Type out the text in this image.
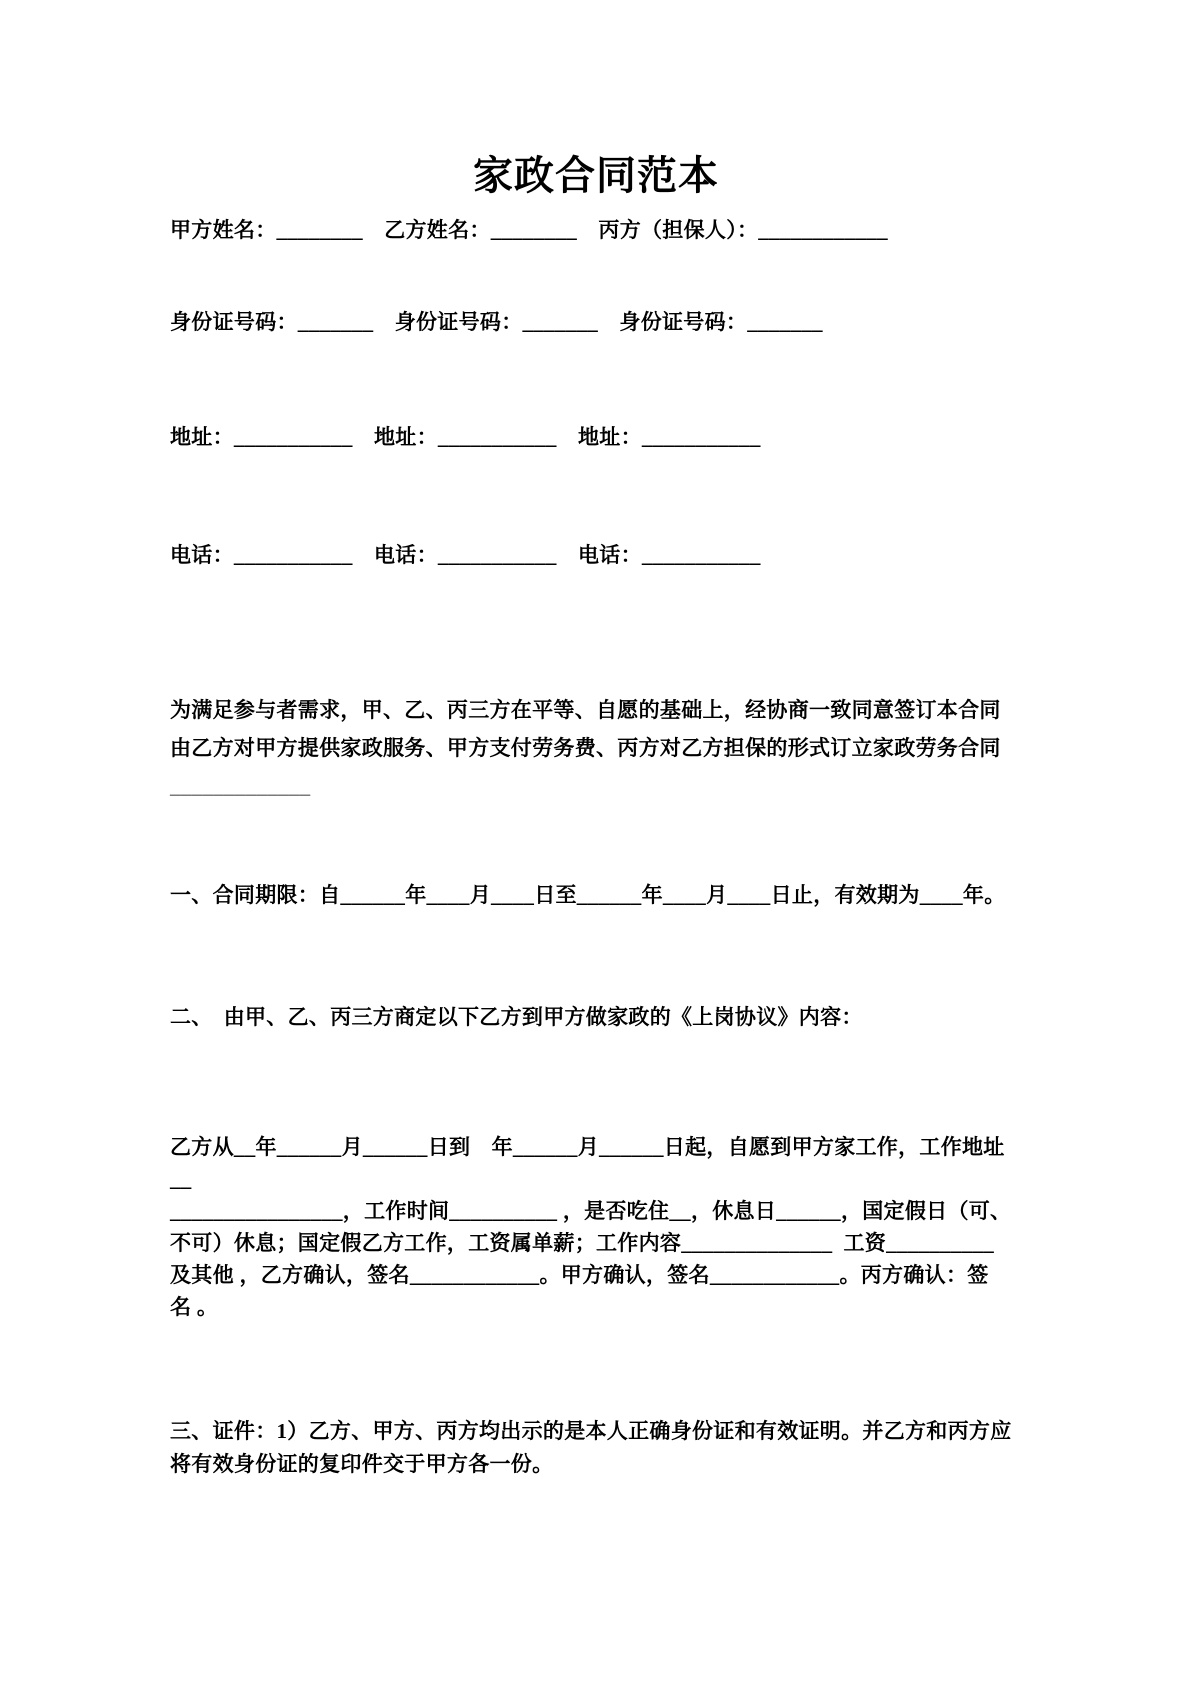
家政合同范本
甲方姓名：________　乙方姓名：________　丙方（担保人）：____________
身份证号码：_______　身份证号码：_______　身份证号码：_______
地址：___________　地址：___________　地址：___________
电话：___________　电话：___________　电话：___________
为满足参与者需求，甲、乙、丙三方在平等、自愿的基础上，经协商一致同意签订本合同
由乙方对甲方提供家政服务、甲方支付劳务费、丙方对乙方担保的形式订立家政劳务合同
_____________
一、合同期限：自______年____月____日至______年____月____日止，有效期为____年。
二、  由甲、乙、丙三方商定以下乙方到甲方做家政的《上岗协议》内容：
乙方从__年______月______日到　年______月______日起，自愿到甲方家工作，工作地址__
________________，工作时间__________ ，是否吃住__，休息日______，国定假日（可、
不可）休息；国定假乙方工作，工资属单薪；工作内容______________  工资__________
及其他 ，乙方确认，签名____________。甲方确认，签名____________。丙方确认：签
名 。
三、证件：1）乙方、甲方、丙方均出示的是本人正确身份证和有效证明。并乙方和丙方应
将有效身份证的复印件交于甲方各一份。
